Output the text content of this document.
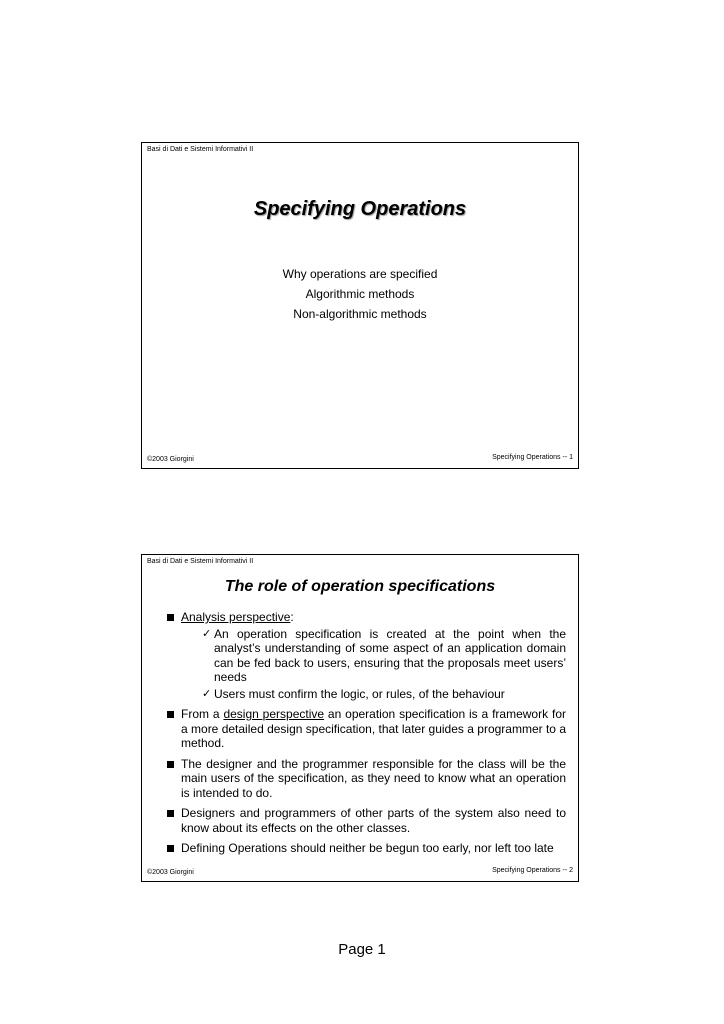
Basi di Dati e Sistemi Informativi II
Specifying Operations
Why operations are specified
Algorithmic methods
Non-algorithmic methods
©2003 Giorgini	Specifying Operations -- 1
Basi di Dati e Sistemi Informativi II
The role of operation specifications
Analysis perspective:
✓ An operation specification is created at the point when the analyst’s understanding of some aspect of an application domain can be fed back to users, ensuring that the proposals meet users’ needs
✓ Users must confirm the logic, or rules, of the behaviour
From a design perspective an operation specification is a framework for a more detailed design specification, that later guides a programmer to a method.
The designer and the programmer responsible for the class will be the main users of the specification, as they need to know what an operation is intended to do.
Designers and programmers of other parts of the system also need to know about its effects on the other classes.
Defining Operations should neither be begun too early, nor left too late
©2003 Giorgini	Specifying Operations -- 2
Page 1
